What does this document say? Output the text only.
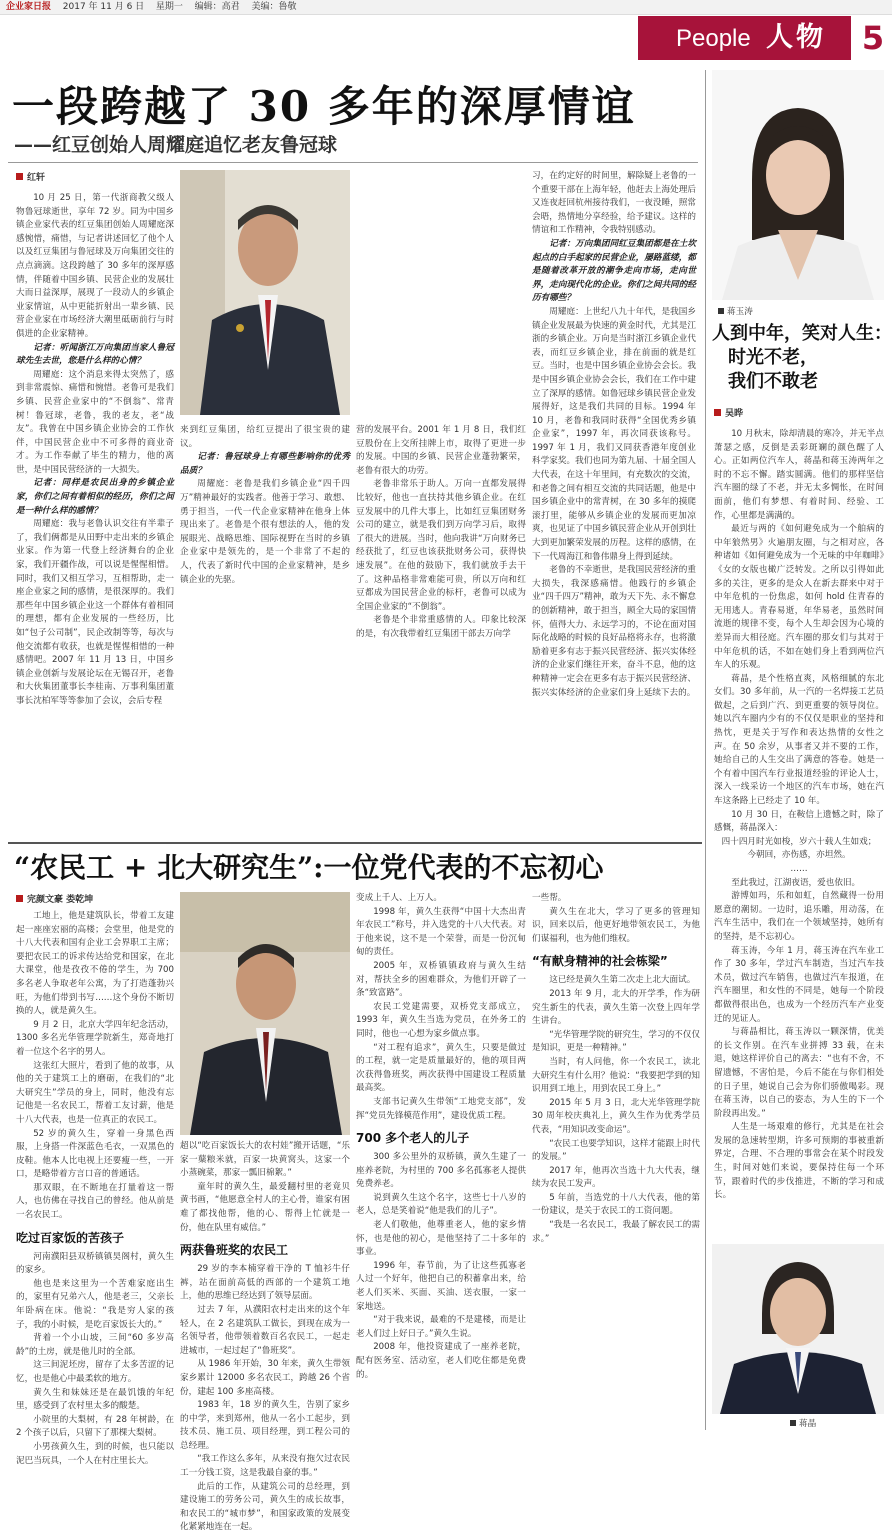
企业家日报 2017 年 11 月 6 日 星期一 编辑：高君 美编：鲁敬
People 人物 5
一段跨越了 30 多年的深厚情谊
——红豆创始人周耀庭追忆老友鲁冠球
红轩

10 月 25 日，第一代浙商教父级人物鲁冠球逝世，享年 72 岁。同为中国乡镇企业家代表的红豆集团创始人周耀庭深感惋惜，痛惜，与记者讲述回忆了他个人以及红豆集团与鲁冠球及万向集团交往的点点滴滴。这段跨越了 30 多年的深厚感情，伴随着中国乡镇、民营企业的发展壮大而日益深厚，展现了一段动人的乡镇企业家情谊，从中更能折射出一辈乡镇、民营企业家在市场经济大潮里砥砺前行与时俱进的企业家精神。

记者：听闻浙江万向集团当家人鲁冠球先生去世，您是什么样的心情？

周耀庭：这个消息来得太突然了，感到非常震惊、痛惜和惋惜。老鲁可是我们乡镇、民营企业家中的“不倒翁”、常青树！鲁冠球，老鲁，我的老友，老“战友”。我曾在中国乡镇企业协会的工作伙伴，中国民营企业中不可多得的商业奇才。为工作奉献了毕生的精力，他的离世，是中国民营经济的一大损失。

记者：同样是农民出身的乡镇企业家，你们之间有着相似的经历，你们之间是一种什么样的感情？

周耀庭：我与老鲁认识交往有半辈子了，我们俩都是从田野中走出来的乡镇企业家。作为第一代登上经济舞台的企业家，我们开疆作战，可以说是惺惺相惜。同时，我们又相互学习，互相帮助，走一座企业家之间的感情，是很深厚的。我们那些年中国乡镇企业这一个群体有着相同的理想，都有企业发展的一些经历，比如“包子公司制”，民企改制等等，每次与他交流都有收获，也就是惺惺相惜的一种感情吧。2007 年 11 月 13 日，中国乡镇企业创新与发展论坛在无锡召开，老鲁和大伙集团董事长李桂南、万事利集团董事长沈柏军等等参加了会议，会后专程

来到红豆集团，给红豆提出了很宝贵的建议。

记者：鲁冠球身上有哪些影响你的优秀品质？

周耀庭：老鲁是我们乡镇企业“四千四万”精神最好的实践者。他善于学习、敢想、勇于担当，一代一代企业家精神在他身上体现出来了。老鲁是个很有想法的人，他的发展眼光、战略思维、国际视野在当时的乡镇企业家中是领先的，是一个非常了不起的人，代表了新时代中国的企业家精神，是乡镇企业的先驱。

营的发展平台。2001 年 1 月 8 日，我们红豆股份在上交所挂牌上市，取得了更进一步的发展。中国的乡镇、民营企业蓬勃繁荣，老鲁有很大的功劳。

老鲁非常乐于助人。万向一直都发展得比较好，他也一直扶持其他乡镇企业。在红豆发展中的几件大事上，比如红豆集团财务公司的建立，就是我们到万向学习后，取得了很大的进展。当时，他向我讲“万向财务已经获批了，红豆也该获批财务公司，获得快速发展”。在他的鼓励下，我们就放手去干了。这种品格非常难能可贵，所以万向和红豆都成为国民营企业的标杆，老鲁可以成为全国企业家的“不倒翁”。

老鲁是个非常重感情的人。印象比较深的是，有次我带着红豆集团干部去万向学

习，在约定好的时间里，解除疑上老鲁的一个重要干部在上海年轻，他赶去上海处理后又连夜赶回杭州接待我们，一夜没睡，照常会晤，热情地分享经验，给予建议。这样的情谊和工作精神，令我特别感动。

记者：万向集团同红豆集团都是在土坎起点的白手起家的民营企业，屡路蓝缕，都是随着改革开放的潮争走向市场，走向世界，走向现代化的企业。你们之间共同的经历有哪些？

周耀庭：上世纪八九十年代，是我国乡镇企业发展最为快速的黄金时代，尤其是江浙的乡镇企业。万向是当时浙江乡镇企业代表，而红豆乡镇企业，排在前面的就是红豆。当时，也是中国乡镇企业协会会长。我是中国乡镇企业协会会长，我们在工作中建立了深厚的感情。如鲁冠球乡镇民营企业发展得好，这是我们共同的目标。1994 年 10 月，老鲁和我同时获得“全国优秀乡镇企业家”，1997 年，再次同获该称号。1997 年 1 月，我们又同获香港年度创业科学家奖。我们也同为第九届、十届全国人大代表，在这十年里间，有充数次的交流，和老鲁之间有相互交流的共同话题，他是中国乡镇企业中的常青树，在 30 多年的摸爬滚打里，能够从乡镇企业的发展而更加凉爽，也见证了中国乡镇民营企业从开创到壮大到更加繁荣发展的历程。这样的感情，在下一代周海江和鲁伟鼎身上得到延续。

老鲁的不幸逝世，是我国民营经济的重大损失，我深感痛惜。他践行的乡镇企业“四千四万”精神，敢为天下先、永不懈怠的创新精神，敢于担当，顾全大局的家国情怀，值得大力、永远学习的，不论在面对国际化战略的时候的良好品格将永存，也将激励着更多有志于振兴民营经济、振兴实体经济的企业家们继往开来，奋斗不息，他的这种精神一定会在更多有志于振兴民营经济、振兴实体经济的企业家们身上延续下去的。

蒋玉涛
人到中年，笑对人生：
时光不老，
我们不敢老
吴晔

10 月秋末，除却清晨的寒冷，并无半点萧瑟之感，反倒是丢彩斑斓的颜色醒了人心。正如两位汽车人，蒋晶和蒋玉涛两年之时的不忘不懈。踏实圆满。他们的那样坚信汽车圈的绿了不老，并无太多惆怅，在时间面前，他们有梦想、有着时间、经验、工作，心里都是满满的。

最近与两的《如何避免成为一个舶病的中年狼然男》火遍朋友圈，与之相对应，各种诸如《如何避免成为一个无味的中年咖啡》《女的女版也橄广泛转发。之所以引得如此多的关注，更多的是众人在新去群来中对于中年危机的一份焦虑，如何 hold 住青春的无用逃人。青春易逝，年华易老，虽然时间流逝的规律不变，每个人生却会因为心境的差异而大相径庭。汽车圈的那女们与其对于中年危机的话，不如在她们身上看到两位汽车人的乐观。

蒋晶，是个性格直爽，风格细腻的东北女们。30 多年前，从一汽的一名焊接工艺员做起，之后到广汽、到更重要的领导岗位。她以汽车圈内少有的不仅仅是职业的坚持和热忱，更是关于写作和表达热情的女性之声。在 50 余岁，从事者又并不要的工作，她给自己的人生交出了满意的答卷。她是一个有着中国汽车行业报道经验的评论人士，深入一线采访一个地区的汽车市场，她在汽车这条路上已经走了 10 年。

10 月 30 日，在鞍信上遗憾之时，除了感慨，蒋晶深入：

四十四月时光如梭，岁六十载人生如戏；

今朝回，亦伤感，亦坦然。

……

至此我过，江湖夜语，爱也依旧。

游博如玛，乐和如虹，自然藏得一份用愿意的潮韧。一边时，追乐雕，用动荡，在汽车生活中，我们在一个领域坚持，她所有的坚持，是不忘初心。

蒋玉涛，今年 1 月，蒋玉涛在汽车业工作了 30 多年，学过汽车制造，当过汽车技术员，做过汽车销售，也做过汽车报道，在汽车圈里，和女性的不同是，她每一个阶段都做得很出色，也成为一个经历汽车产业变迁的见证人。

与蒋晶相比，蒋玉涛以一颗深情，优美的长文作别。在汽车业拼搏 33 载，在未退，她这样评价自己的离去：“也有不舍，不留遗憾，不害怕是，今后不能在与你们相处的日子里，她说自己会为你们骄傲喝彩。现在蒋玉涛，以自己的姿态，为人生的下一个阶段再出发。”

人生是一场艰难的修行，尤其是在社会发展的急速转型期，许多可预期的事被重新界定，合理、不合理的事常会在某个时段发生，时间对她们来说，要保持住每一个环节，跟着时代的步伐推进，不断的学习和成长。

蒋晶
“农民工 + 北大研究生”:一位党代表的不忘初心
完颜文豪 娄乾坤

工地上，他是建筑队长，带着工友建起一座座宏丽的高楼；会堂里，他是党的十八大代表和国有企业工会界职工主席；要把农民工的诉求传达给党和国家，在北大课堂，他是孜孜不倦的学生，为 700 多名老人争取老年公寓，为了打造蓬勃兴旺，为他们带到书写……这个身份不断切换的人，就是黄久生。

9 月 2 日，北京大学四年纪念活动，1300 多名光华管理学院新生，郑奇地打着一位这个名字的男人。

这张红大照片，看到了他的故事，从他的关于建筑工上的磨砺，在我们的“北大研究生”学员的身上，同时，他没有忘记他是一名农民工，帮着工友讨薪，他是十八大代表，也是一位真正的农民工。

52 岁的黄久生，穿着一身黑色西服，上身搭一件深蓝色毛衣，一双黑色的皮鞋。他本人比电视上还要瘦一些，一开口，是略带着方言口音的普通话。

那双眼，在不断地在打量着这一帮人，也仿佛在寻找自己的曾经。他从前是一名农民工。

吃过百家饭的苦孩子

河南濮阳县双桥镇镇昊阁村，黄久生的家乡。

他也是来这里为一个苦难家庭出生的，家里有兄弟六人，他是老三，父亲长年卧病在床。他说：“我是穷人家的孩子，我的小时候，是吃百家饭长大的。”

背着一个小山坡，三间“60 多岁高龄”的土房，就是他儿时的全部。

这三间泥坯房，留存了太多苦涩的记忆，也是他心中最柔软的地方。

黄久生和妹妹还是在最饥饿的年纪里，感受到了农村里太多的酸楚。

小院里的大梨树，有 28 年树龄，在 2 个孩子以后，只留下了那棵大梨树。

小男孩黄久生，到的时候，也只能以泥巴当玩具，一个人在村庄里长大。

超以“吃百家饭长大的农村娃”搬开话题，“乐家一蘖粮米就，百家一块黄窝头，这家一个小蒸碗菜，那家一瓢旧棉絮。”

童年时的黄久生，最爱翻村里的老竟贝黄书画，“他愿意全村人的主心骨，谁家有困难了都找他帮，他的心、帮得上忙就是一份，他在队里有威信。”

两获鲁班奖的农民工

29 岁的李本楠穿着干净的 T 恤衫牛仔裤，站在面前高低的西部的一个建筑工地上，他的思维已经达到了领导层面。

过去 7 年，从濮阳农村走出来的这个年轻人，在 2 名建筑队工做长，到现在成为一名领导者，他带领着数百名农民工，一起走进城市，一起过起了“鲁班奖”。

从 1986 年开始，30 年来，黄久生带领家乡累计 12000 多名农民工，跨越 26 个省份，建起 100 多座高楼。

1983 年，18 岁的黄久生，告别了家乡的中学，来到郑州，他从一名小工起步，到技术员、施工员、项目经理，到工程公司的总经理。

“我工作这么多年，从来没有拖欠过农民工一分钱工资，这是我最自豪的事。”

此后的工作，从建筑公司的总经理，到建设施工的劳务公司，黄久生的成长故事，和农民工的“城市梦”，和国家政策的发展变化紧紧地连在一起。

变成上千人、上万人。

1998 年，黄久生获得“中国十大杰出青年农民工”称号，并入选党的十八大代表。对于他来说，这不是一个荣誉，而是一份沉甸甸的责任。

2005 年，双桥镇镇政府与黄久生结对，帮扶全乡的困难群众，为他们开辟了一条“致富路”。

农民工党建需要，双桥党支部成立，1993 年，黄久生当选为党员，在外务工的同时，他也一心想为家乡做点事。

“对工程有追求”，黄久生，只要是做过的工程，就一定是质量最好的，他的项目两次获得鲁班奖，两次获得中国建设工程质量最高奖。

支部书记黄久生带领“工地党支部”，发挥“党员先锋模范作用”，建设优质工程。

700 多个老人的儿子

300 多公里外的双桥镇，黄久生建了一座养老院，为村里的 700 多名孤寡老人提供免费养老。

说到黄久生这个名字，这些七十八岁的老人，总是笑着说“他是我们的儿子”。

老人们敬他，他尊重老人，他的家乡情怀，也是他的初心，是他坚持了二十多年的事业。

1996 年，春节前，为了让这些孤寡老人过一个好年，他把自己的积蓄拿出来，给老人们买米、买面、买油、送衣服，一家一家地送。

“对于我来说，最难的不是建楼，而是让老人们过上好日子。”黄久生说。

2008 年，他投资建成了一座养老院，配有医务室、活动室，老人们吃住都是免费的。

一些帮。

黄久生在北大，学习了更多的管理知识，回来以后，他更好地带领农民工，为他们谋福利，也为他们维权。

“有献身精神的社会栋梁”

这已经是黄久生第二次走上北大面试。

2013 年 9 月，北大的开学季，作为研究生新生的代表，黄久生第一次登上四年学生讲台。

“光华管理学院的研究生，学习的不仅仅是知识，更是一种精神。”

当时，有人问他，你一个农民工，读北大研究生有什么用？他说：“我要把学到的知识用到工地上，用到农民工身上。”

2015 年 5 月 3 日，北大光华管理学院 30 周年校庆典礼上，黄久生作为优秀学员代表，“用知识改变命运”。

“农民工也要学知识，这样才能跟上时代的发展。”

2017 年，他再次当选十九大代表，继续为农民工发声。

5 年前，当选党的十八大代表，他的第一份建议，是关于农民工的工资问题。

“我是一名农民工，我最了解农民工的需求。”
